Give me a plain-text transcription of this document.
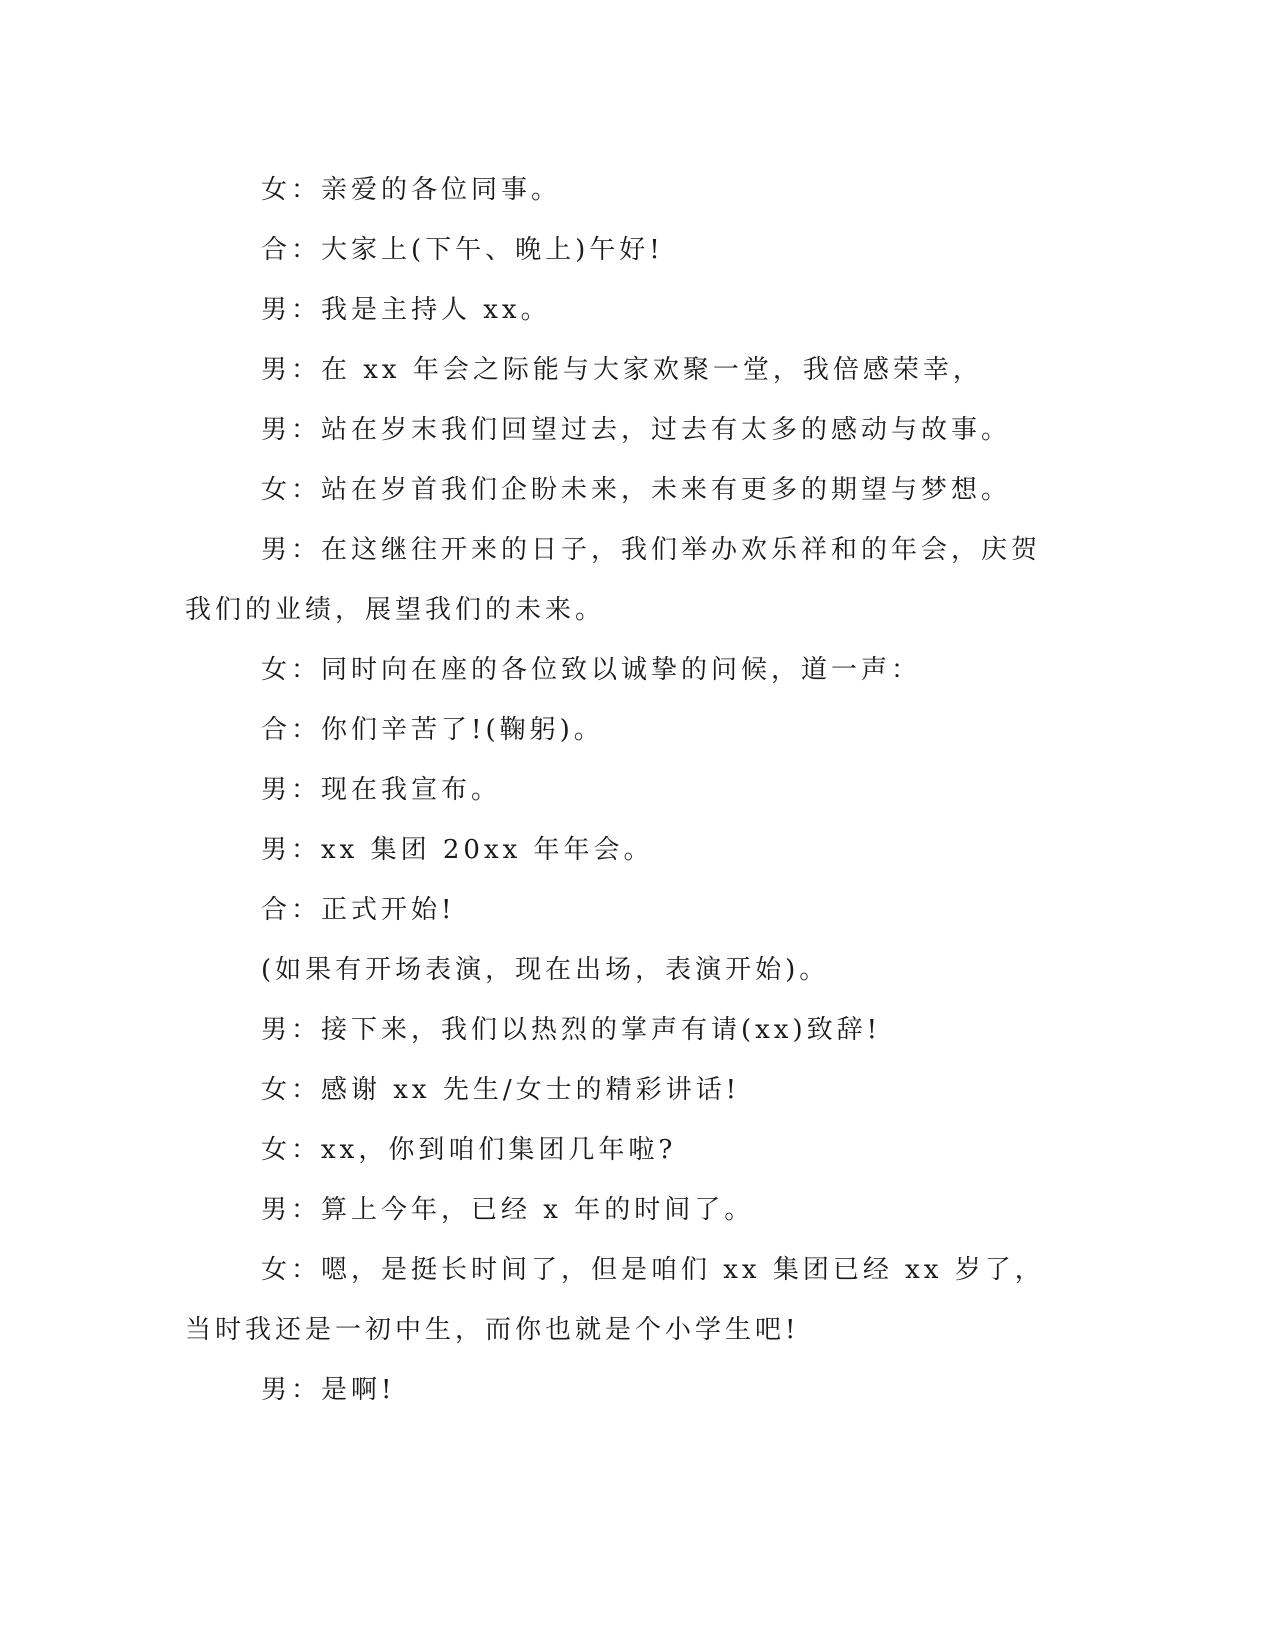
女：亲爱的各位同事。

合：大家上(下午、晚上)午好!

男：我是主持人 xx。

男：在 xx 年会之际能与大家欢聚一堂，我倍感荣幸，

男：站在岁末我们回望过去，过去有太多的感动与故事。

女：站在岁首我们企盼未来，未来有更多的期望与梦想。

男：在这继往开来的日子，我们举办欢乐祥和的年会，庆贺我们的业绩，展望我们的未来。

女：同时向在座的各位致以诚挚的问候，道一声：

合：你们辛苦了!(鞠躬)。

男：现在我宣布。

男：xx 集团 20xx 年年会。

合：正式开始!

(如果有开场表演，现在出场，表演开始)。

男：接下来，我们以热烈的掌声有请(xx)致辞!

女：感谢 xx 先生/女士的精彩讲话!

女：xx，你到咱们集团几年啦?

男：算上今年，已经 x 年的时间了。

女：嗯，是挺长时间了，但是咱们 xx 集团已经 xx 岁了，当时我还是一初中生，而你也就是个小学生吧!

男：是啊!
